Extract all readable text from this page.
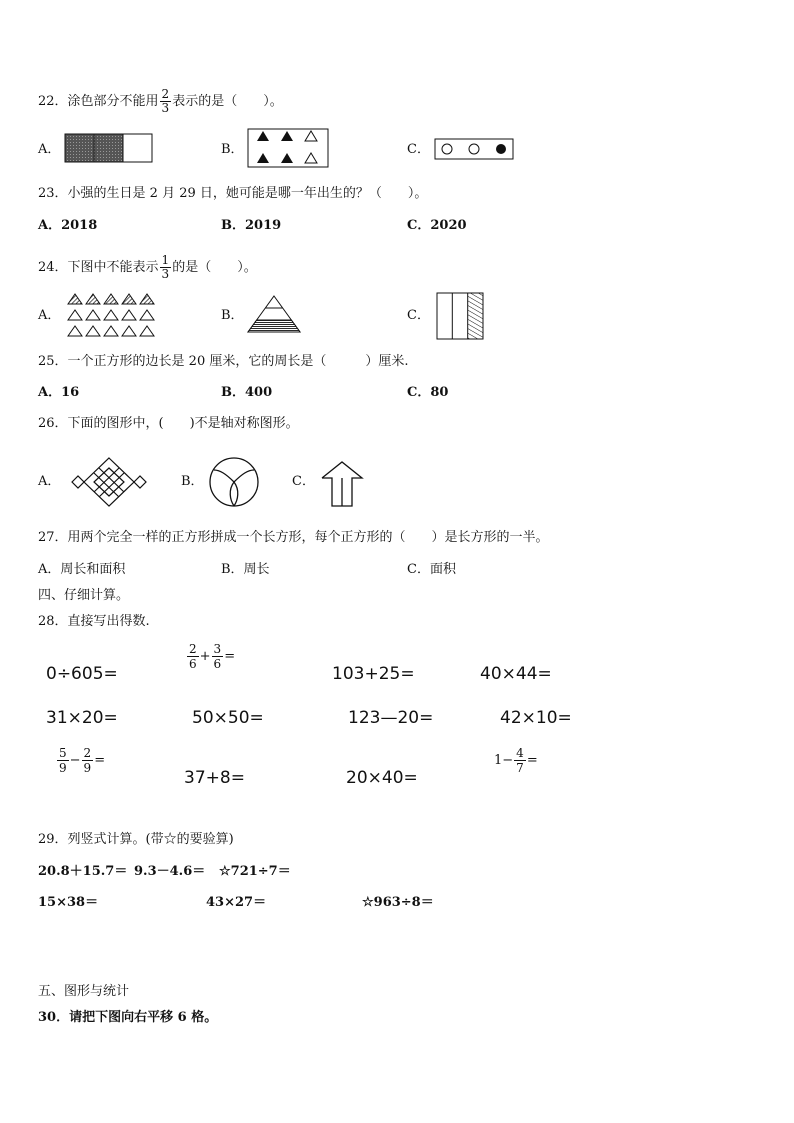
22．涂色部分不能用 $\frac{2}{3}$ 表示的是（　　）。
A．	B．	C．
23．小强的生日是 2 月 29 日，她可能是哪一年出生的？（　　）。
A．2018	B．2019	C．2020
24．下图中不能表示 $\frac{1}{3}$ 的是（　　）。
A．	B．	C．
25．一个正方形的边长是 20 厘米，它的周长是（　　　）厘米.
A．16	B．400	C．80
26．下面的图形中，(　　)不是轴对称图形。
A．	B．	C．
27．用两个完全一样的正方形拼成一个长方形，每个正方形的（　　）是长方形的一半。
A．周长和面积	B．周长	C．面积
四、仔细计算。
28．直接写出得数.
0÷605=
$\frac{2}{6} + \frac{3}{6}$ =
103+25=	40×44=
31×20=	50×50=	123—20=	42×10=
$\frac{5}{9} - \frac{2}{9}$ =
37+8=	20×40=
$1- \frac{4}{7}$ =
29．列竖式计算。(带☆的要验算)
20.8＋15.7＝ 9.3－4.6＝ ☆721÷7＝
15×38＝	43×27＝	☆963÷8＝
五、图形与统计
30．请把下图向右平移 6 格。
